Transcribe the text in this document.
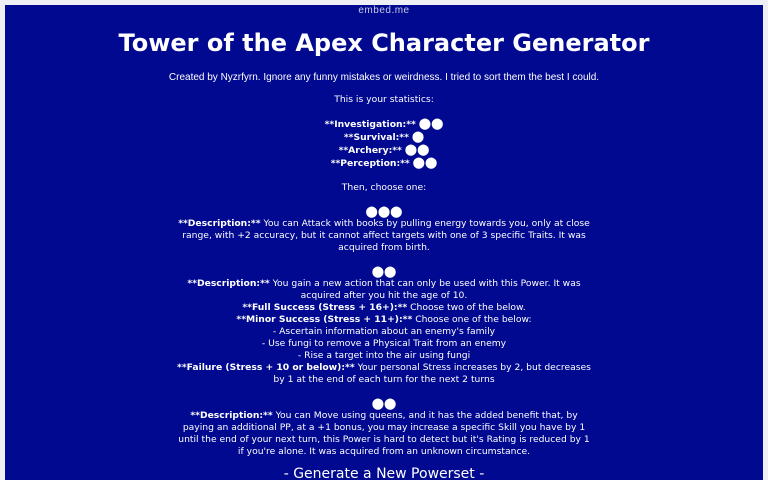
embed.me
Tower of the Apex Character Generator
Created by Nyzrfyrn. Ignore any funny mistakes or weirdness. I tried to sort them the best I could.
This is your statistics:
**Investigation:** ⬤⬤
**Survival:** ⬤
**Archery:** ⬤⬤
**Perception:** ⬤⬤
Then, choose one:
⬤⬤⬤
**Description:** You can Attack with books by pulling energy towards you, only at close range, with +2 accuracy, but it cannot affect targets with one of 3 specific Traits. It was acquired from birth.
⬤⬤
**Description:** You gain a new action that can only be used with this Power. It was acquired after you hit the age of 10.
**Full Success (Stress + 16+):** Choose two of the below.
**Minor Success (Stress + 11+):** Choose one of the below:
- Ascertain information about an enemy's family
- Use fungi to remove a Physical Trait from an enemy
- Rise a target into the air using fungi
**Failure (Stress + 10 or below):** Your personal Stress increases by 2, but decreases by 1 at the end of each turn for the next 2 turns
⬤⬤
**Description:** You can Move using queens, and it has the added benefit that, by paying an additional PP, at a +1 bonus, you may increase a specific Skill you have by 1 until the end of your next turn, this Power is hard to detect but it's Rating is reduced by 1 if you're alone. It was acquired from an unknown circumstance.
- Generate a New Powerset -
